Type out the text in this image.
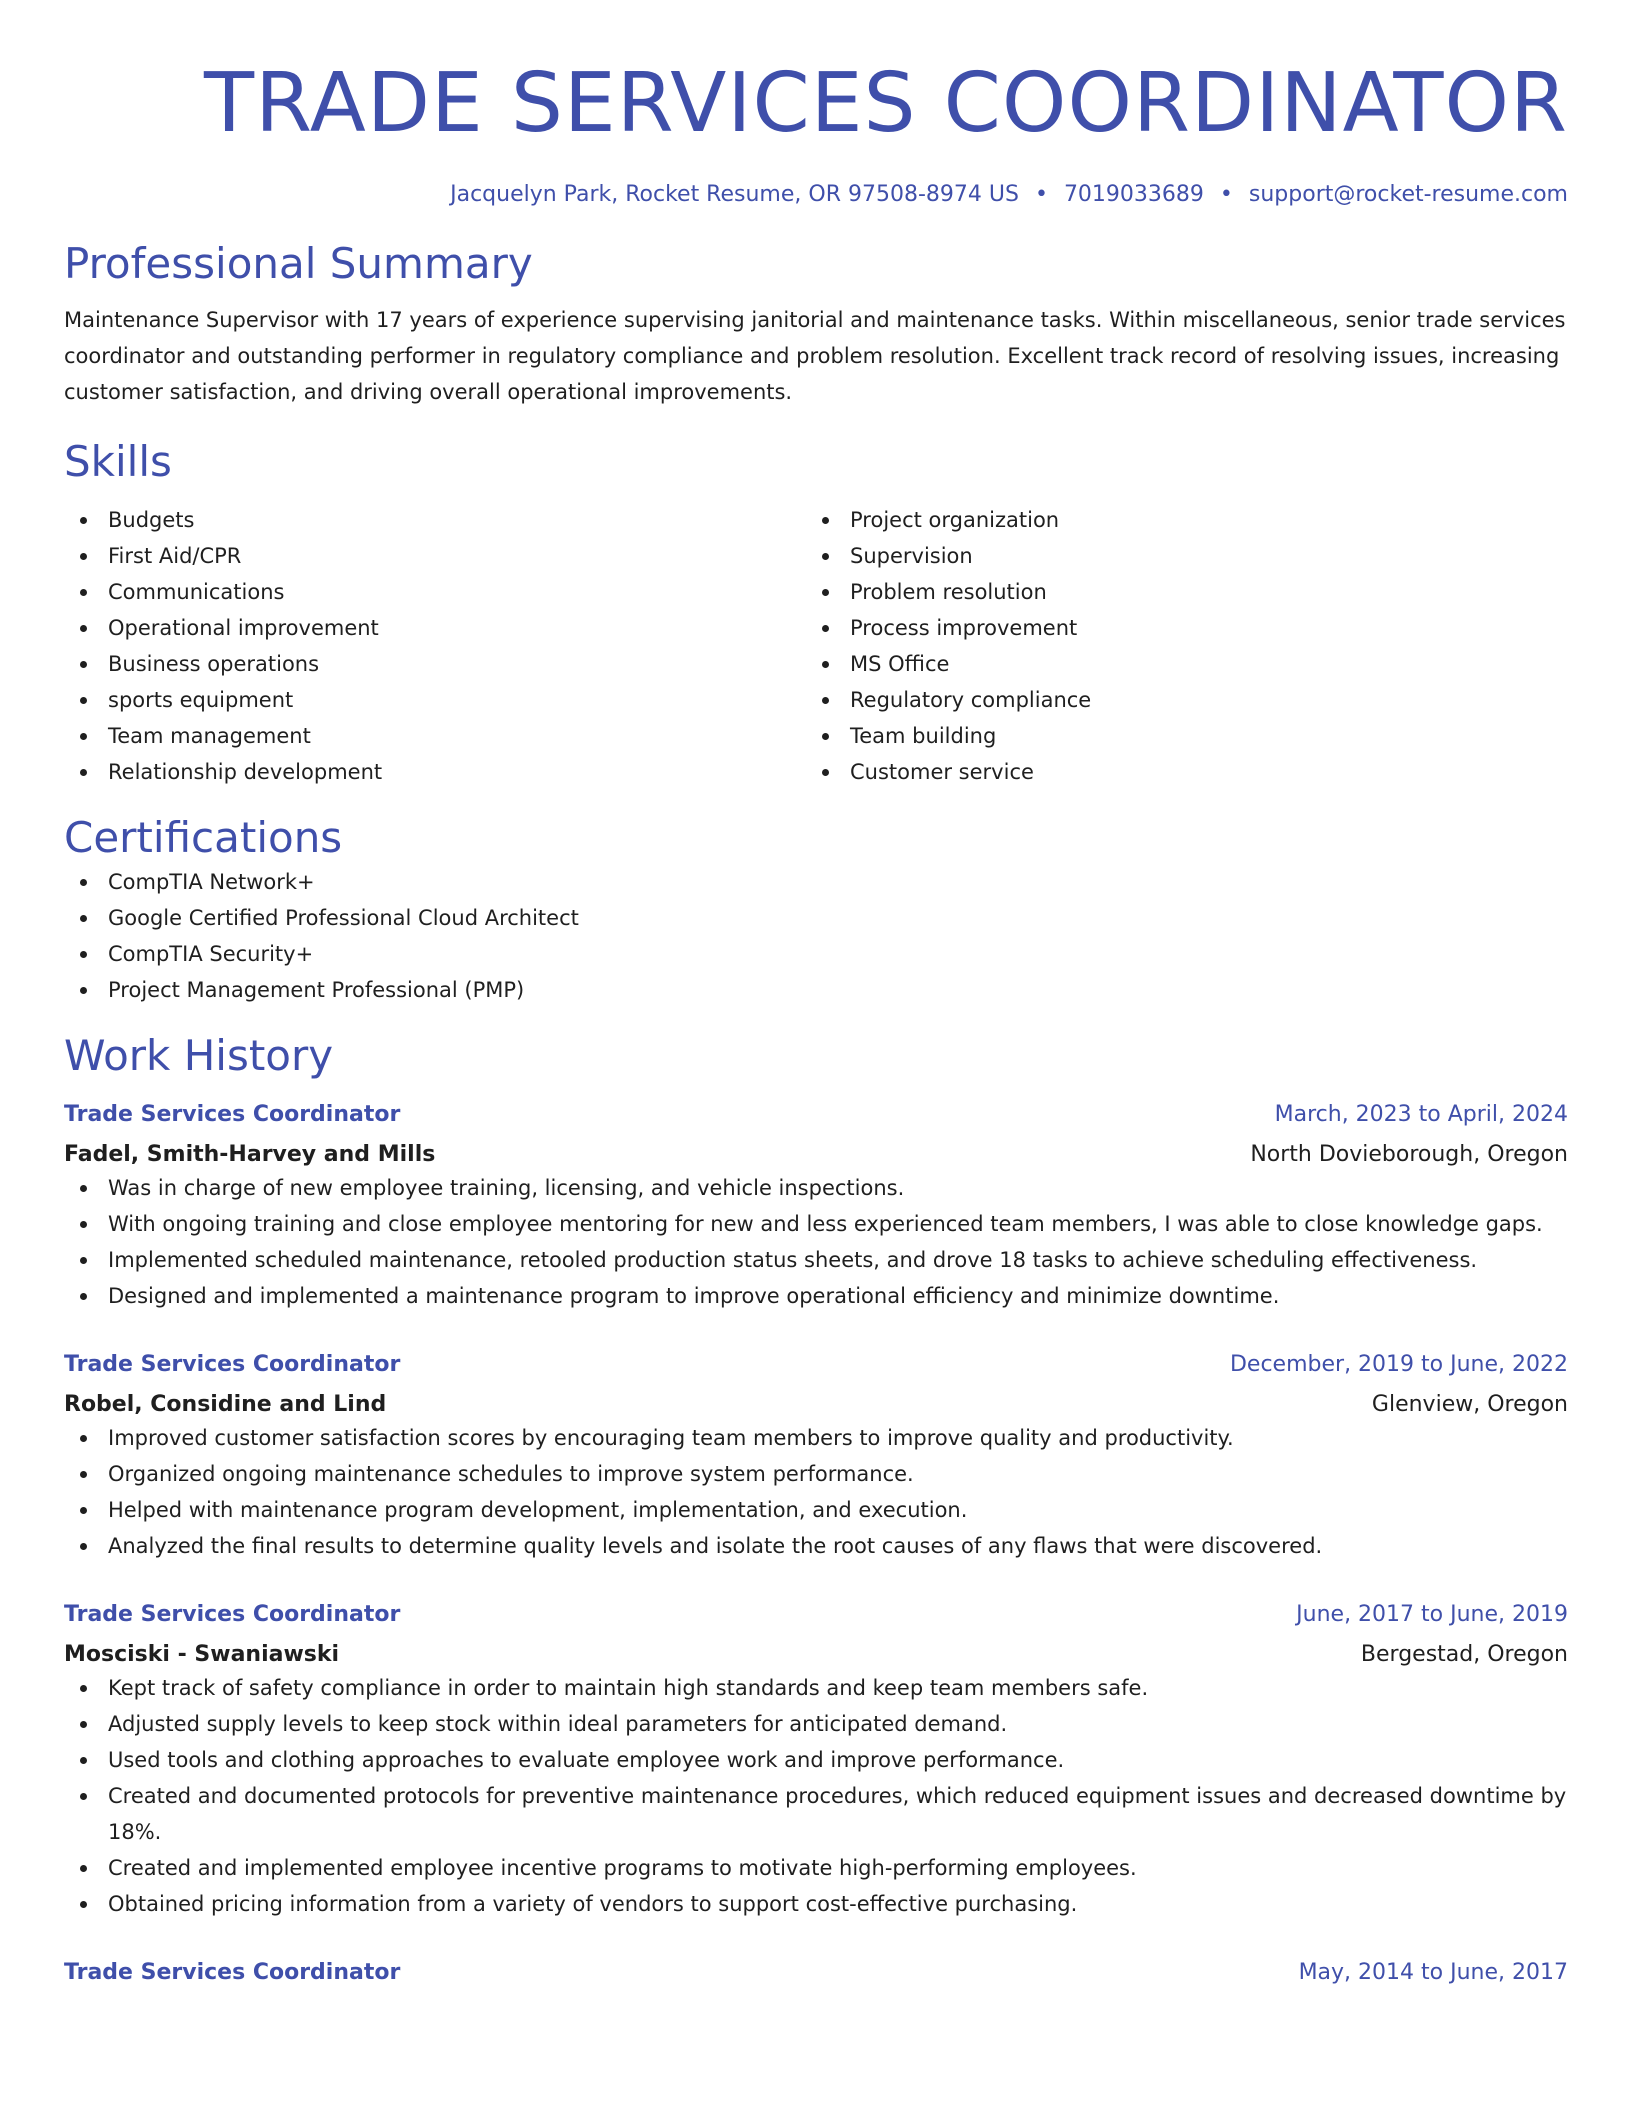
TRADE SERVICES COORDINATOR
Jacquelyn Park, Rocket Resume, OR 97508-8974 US • 7019033689 • support@rocket-resume.com
Professional Summary
Maintenance Supervisor with 17 years of experience supervising janitorial and maintenance tasks. Within miscellaneous, senior trade services coordinator and outstanding performer in regulatory compliance and problem resolution. Excellent track record of resolving issues, increasing customer satisfaction, and driving overall operational improvements.
Skills
Budgets
First Aid/CPR
Communications
Operational improvement
Business operations
sports equipment
Team management
Relationship development
Project organization
Supervision
Problem resolution
Process improvement
MS Office
Regulatory compliance
Team building
Customer service
Certifications
CompTIA Network+
Google Certified Professional Cloud Architect
CompTIA Security+
Project Management Professional (PMP)
Work History
Trade Services Coordinator	March, 2023 to April, 2024
Fadel, Smith-Harvey and Mills	North Dovieborough, Oregon
Was in charge of new employee training, licensing, and vehicle inspections.
With ongoing training and close employee mentoring for new and less experienced team members, I was able to close knowledge gaps.
Implemented scheduled maintenance, retooled production status sheets, and drove 18 tasks to achieve scheduling effectiveness.
Designed and implemented a maintenance program to improve operational efficiency and minimize downtime.
Trade Services Coordinator	December, 2019 to June, 2022
Robel, Considine and Lind	Glenview, Oregon
Improved customer satisfaction scores by encouraging team members to improve quality and productivity.
Organized ongoing maintenance schedules to improve system performance.
Helped with maintenance program development, implementation, and execution.
Analyzed the final results to determine quality levels and isolate the root causes of any flaws that were discovered.
Trade Services Coordinator	June, 2017 to June, 2019
Mosciski - Swaniawski	Bergestad, Oregon
Kept track of safety compliance in order to maintain high standards and keep team members safe.
Adjusted supply levels to keep stock within ideal parameters for anticipated demand.
Used tools and clothing approaches to evaluate employee work and improve performance.
Created and documented protocols for preventive maintenance procedures, which reduced equipment issues and decreased downtime by 18%.
Created and implemented employee incentive programs to motivate high-performing employees.
Obtained pricing information from a variety of vendors to support cost-effective purchasing.
Trade Services Coordinator	May, 2014 to June, 2017
